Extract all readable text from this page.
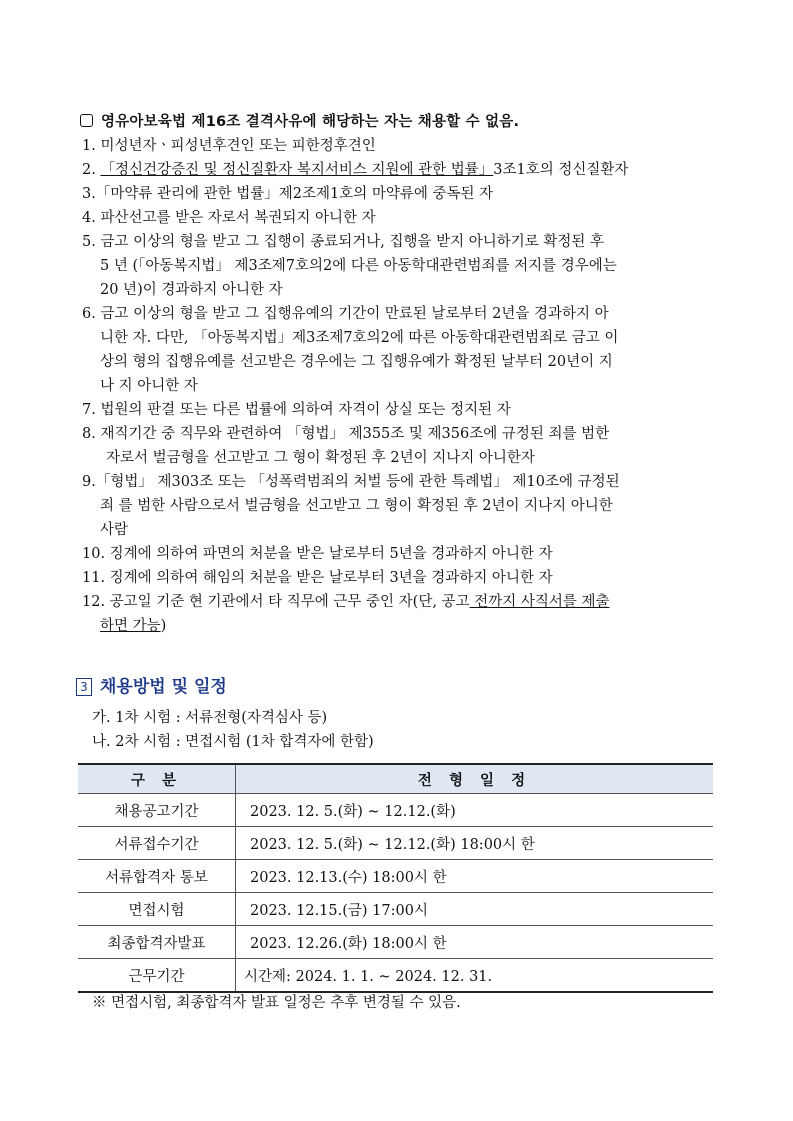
영유아보육법 제16조 결격사유에 해당하는 자는 채용할 수 없음.
1. 미성년자ㆍ피성년후견인 또는 피한정후견인
2. 「정신건강증진 및 정신질환자 복지서비스 지원에 관한 법률」3조1호의 정신질환자
3.「마약류 관리에 관한 법률」제2조제1호의 마약류에 중독된 자
4. 파산선고를 받은 자로서 복권되지 아니한 자
5. 금고 이상의 형을 받고 그 집행이 종료되거나, 집행을 받지 아니하기로 확정된 후
5 년 (「아동복지법」 제3조제7호의2에 다른 아동학대관련범죄를 저지를 경우에는
20 년)이 경과하지 아니한 자
6. 금고 이상의 형을 받고 그 집행유예의 기간이 만료된 날로부터 2년을 경과하지 아
니한 자. 다만, 「아동복지법」제3조제7호의2에 따른 아동학대관련범죄로 금고 이
상의 형의 집행유예를 선고받은 경우에는 그 집행유예가 확정된 날부터 20년이 지
나 지 아니한 자
7. 법원의 판결 또는 다른 법률에 의하여 자격이 상실 또는 정지된 자
8. 재직기간 중 직무와 관련하여 「형법」 제355조 및 제356조에 규정된 죄를 범한
자로서 벌금형을 선고받고 그 형이 확정된 후 2년이 지나지 아니한자
9.「형법」 제303조 또는 「성폭력범죄의 처벌 등에 관한 특례법」 제10조에 규정된
죄 를 범한 사람으로서 벌금형을 선고받고 그 형이 확정된 후 2년이 지나지 아니한
사람
10. 징계에 의하여 파면의 처분을 받은 날로부터 5년을 경과하지 아니한 자
11. 징계에 의하여 해임의 처분을 받은 날로부터 3년을 경과하지 아니한 자
12. 공고일 기준 현 기관에서 타 직무에 근무 중인 자(단, 공고 전까지 사직서를 제출
하면 가능)
3 채용방법 및 일정
가. 1차 시험 : 서류전형(자격심사 등)
나. 2차 시험 : 면접시험 (1차 합격자에 한함)
구 분	전 형 일 정
채용공고기간	2023. 12. 5.(화) ~ 12.12.(화)
서류접수기간	2023. 12. 5.(화) ~ 12.12.(화) 18:00시 한
서류합격자 통보	2023. 12.13.(수) 18:00시 한
면접시험	2023. 12.15.(금) 17:00시
최종합격자발표	2023. 12.26.(화) 18:00시 한
근무기간	시간제: 2024. 1. 1. ~ 2024. 12. 31.
※ 면접시험, 최종합격자 발표 일정은 추후 변경될 수 있음.
